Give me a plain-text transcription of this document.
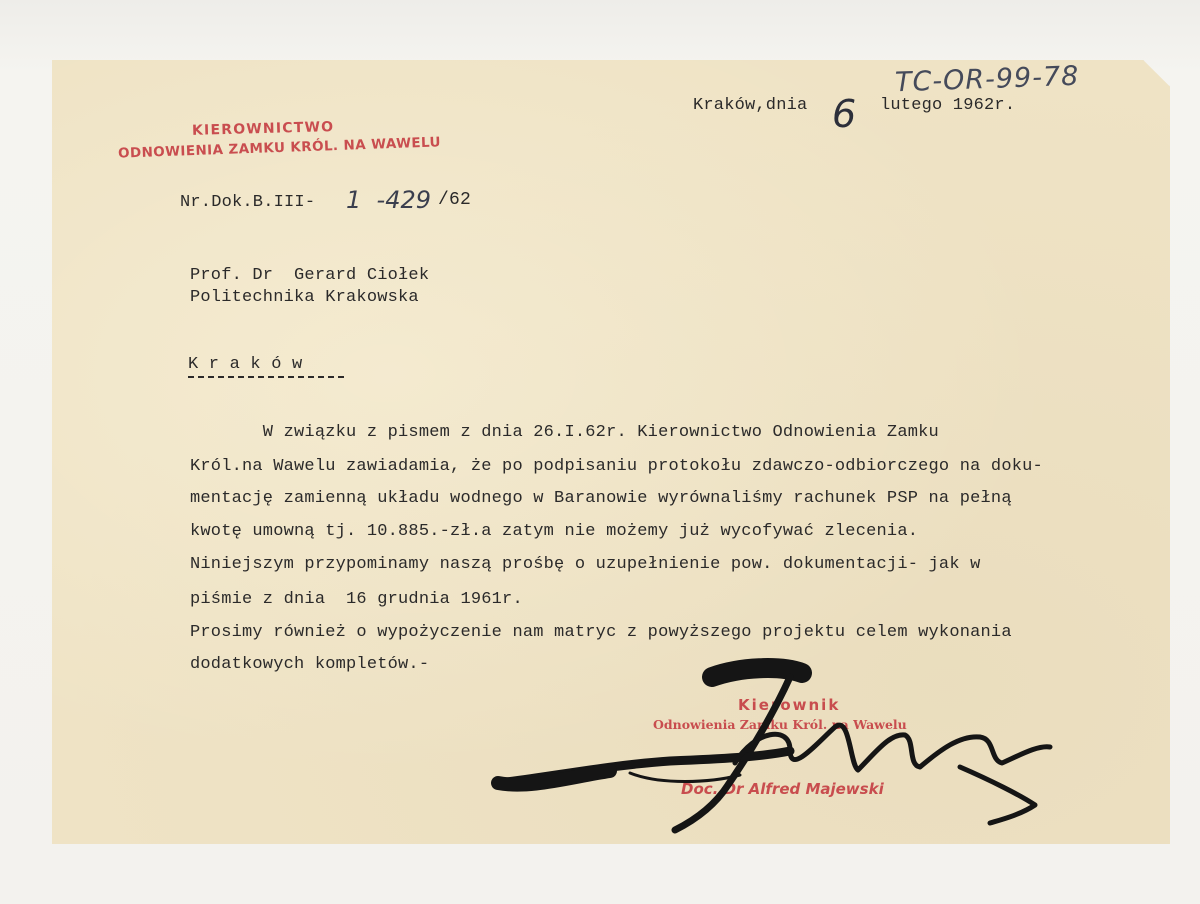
TC-OR-99-78
Kraków,dnia 6 lutego 1962r.
KIEROWNICTWO
ODNOWIENIA ZAMKU KRÓL. NA WAWELU
Nr.Dok.B.III- 1  -429 /62
Prof. Dr  Gerard Ciołek
Politechnika Krakowska
K r a k ó w
W związku z pismem z dnia 26.I.62r. Kierownictwo Odnowienia Zamku
Król.na Wawelu zawiadamia, że po podpisaniu protokołu zdawczo-odbiorczego na doku-
mentację zamienną układu wodnego w Baranowie wyrównaliśmy rachunek PSP na pełną
kwotę umowną tj. 10.885.-zł.a zatym nie możemy już wycofywać zlecenia.
Niniejszym przypominamy naszą prośbę o uzupełnienie pow. dokumentacji- jak w
piśmie z dnia  16 grudnia 1961r.
Prosimy również o wypożyczenie nam matryc z powyższego projektu celem wykonania
dodatkowych kompletów.-
Kierownik
Odnowienia Zamku Król. na Wawelu
Doc. Dr Alfred Majewski
